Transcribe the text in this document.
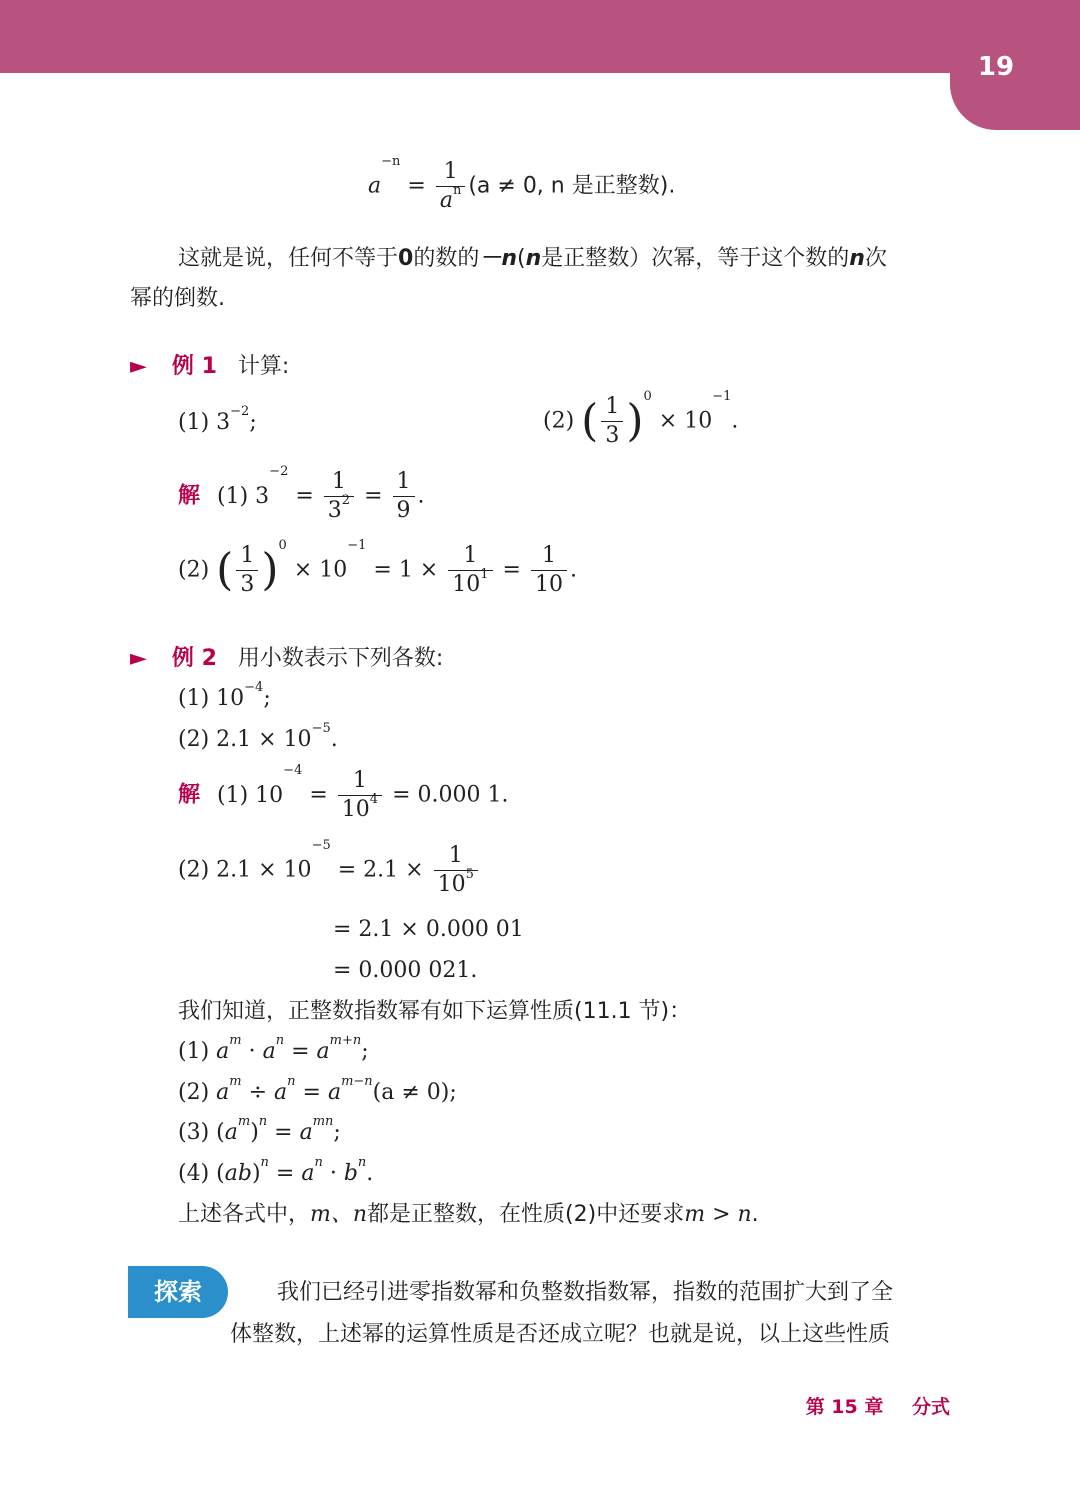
19
$a^{-n} = \frac{1}{a^n} (a \ne 0$, n 是正整数).
这就是说，任何不等于0的数的－n(n是正整数）次幂，等于这个数的n次
幂的倒数.
► 例 1 计算:
(1) $3^{-2}$;	(2) ( $\frac{1}{3} )^0 \times 10^{-1}$.
解 (1) $3^{-2} = \frac{1}{3^2} = \frac{1}{9}$ .
(2) ( $\frac{1}{3} )^0 \times 10^{-1} = 1 \times \frac{1}{10^1} = \frac{1}{10}$ .
► 例 2 用小数表示下列各数:
(1) $10^{-4}$;
(2) $2.1 \times 10^{-5}$.
解 (1) $10^{-4} = \frac{1}{10^4} = 0.000$ 1.
(2) $2.1 \times 10^{-5} = 2.1 \times \frac{1}{10^5}$
= 2.1 × 0.000 01
= 0.000 021.
我们知道，正整数指数幂有如下运算性质(11.1 节)：
(1) $a^m \cdot a^n = a^{m+n}$;
(2) $a^m \div a^n = a^{m-n}(a \ne 0)$;
(3) $(a^m)^n = a^{mn}$;
(4) $(ab)^n = a^n \cdot b^n$.
上述各式中，m、n都是正整数，在性质(2)中还要求m > n.
探索	我们已经引进零指数幂和负整数指数幂，指数的范围扩大到了全
体整数，上述幂的运算性质是否还成立呢？也就是说，以上这些性质
第 15 章 分式
